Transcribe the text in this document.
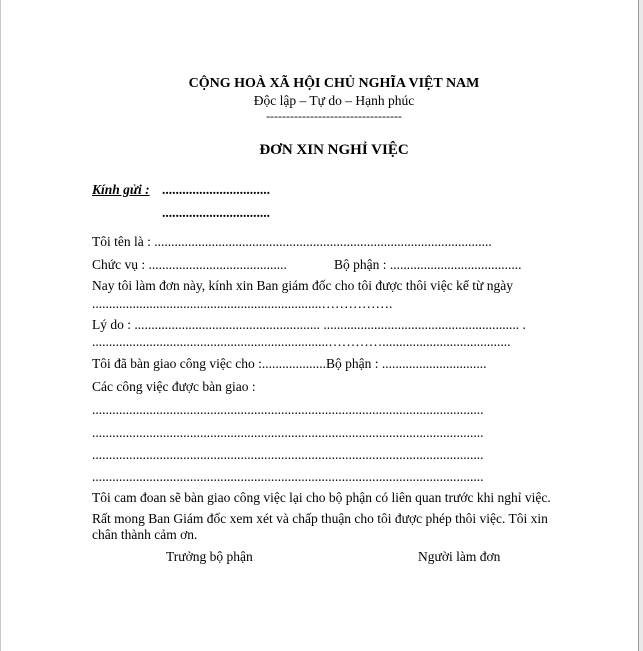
CỘNG HOÀ XÃ HỘI CHỦ NGHĨA VIỆT NAM
Độc lập – Tự do – Hạnh phúc
----------------------------------
ĐƠN XIN NGHỈ VIỆC
Kính gửi : ................................
................................
Tôi tên là : ....................................................................................................
Chức vụ : .........................................	Bộ phận : .......................................
Nay tôi làm đơn này, kính xin Ban giám đốc cho tôi được thôi việc kể từ ngày
....................................................................…………….
Lý do : ....................................................... .......................................................... .
......................................................................…………......................................
Tôi đã bàn giao công việc cho :...................Bộ phận : ...............................
Các công việc được bàn giao :
....................................................................................................................
....................................................................................................................
....................................................................................................................
....................................................................................................................
Tôi cam đoan sẽ bàn giao công việc lại cho bộ phận có liên quan trước khi nghỉ việc.
Rất mong Ban Giám đốc xem xét và chấp thuận cho tôi được phép thôi việc. Tôi xin
chân thành cảm ơn.
Trưởng bộ phận	Người làm đơn
